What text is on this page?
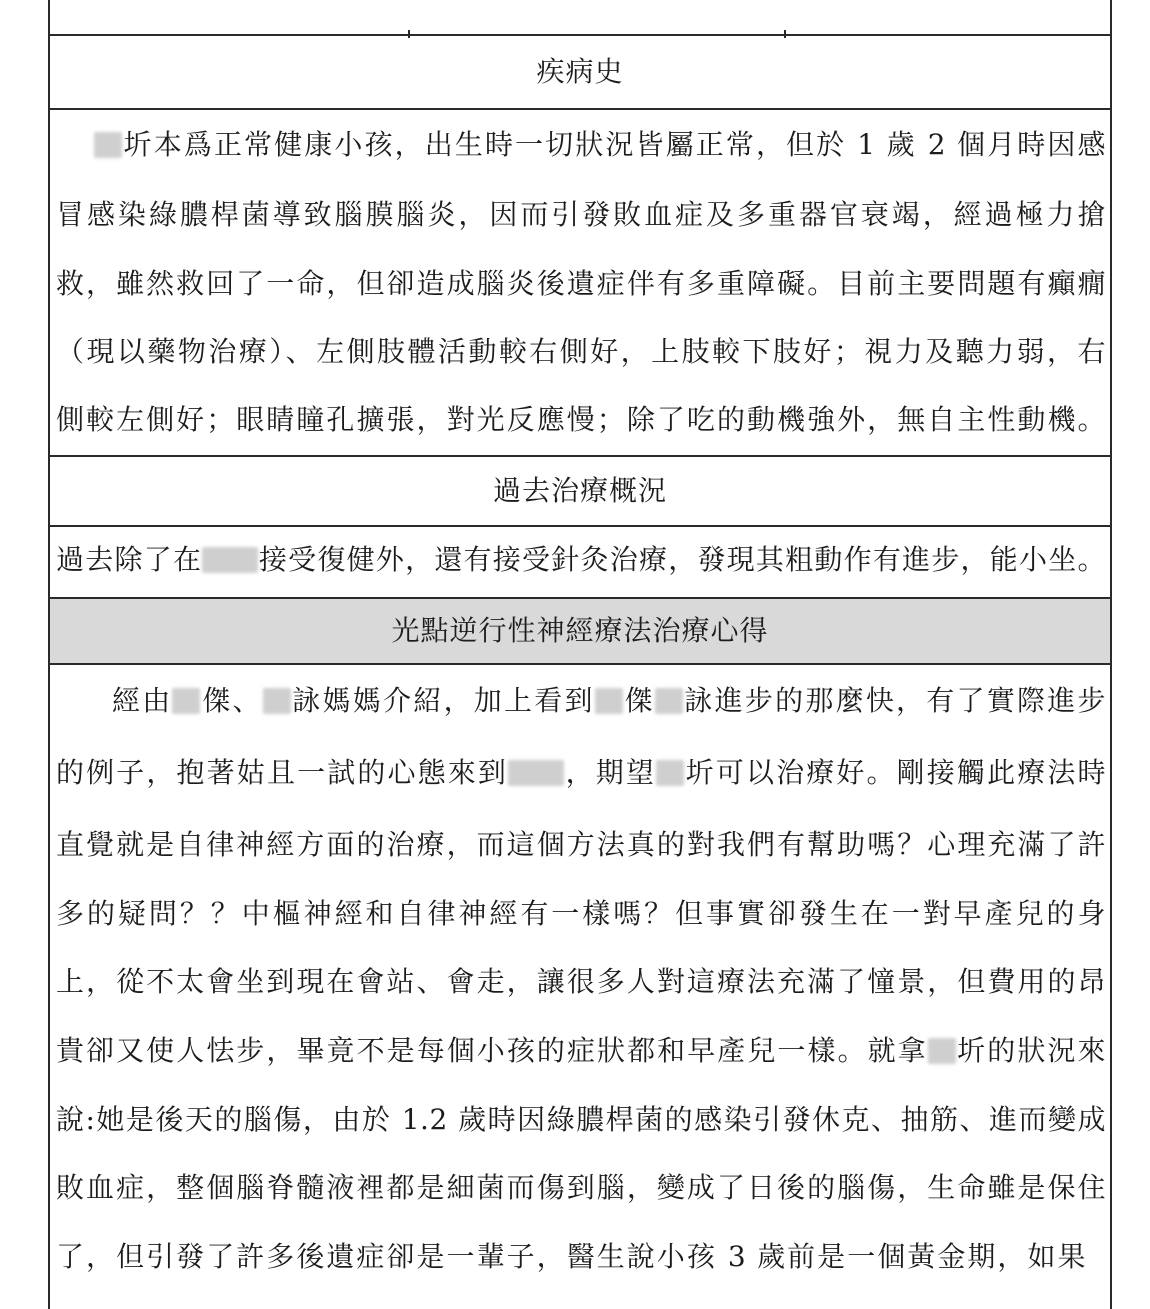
疾病史
圻本爲正常健康小孩，出生時一切狀況皆屬正常，但於 1 歲 2 個月時因感
冒感染綠膿桿菌導致腦膜腦炎，因而引發敗血症及多重器官衰竭，經過極力搶
救，雖然救回了一命，但卻造成腦炎後遺症伴有多重障礙。目前主要問題有癲癇
（現以藥物治療）、左側肢體活動較右側好，上肢較下肢好；視力及聽力弱，右
側較左側好；眼睛瞳孔擴張，對光反應慢；除了吃的動機強外，無自主性動機。
過去治療概況
過去除了在 接受復健外，還有接受針灸治療，發現其粗動作有進步，能小坐。
光點逆行性神經療法治療心得
經由 傑、 詠媽媽介紹，加上看到 傑 詠進步的那麼快，有了實際進步
的例子，抱著姑且一試的心態來到 ，期望 圻可以治療好。剛接觸此療法時
直覺就是自律神經方面的治療，而這個方法真的對我們有幫助嗎？心理充滿了許
多的疑問？？中樞神經和自律神經有一樣嗎？但事實卻發生在一對早產兒的身
上，從不太會坐到現在會站、會走，讓很多人對這療法充滿了憧景，但費用的昂
貴卻又使人怯步，畢竟不是每個小孩的症狀都和早產兒一樣。就拿 圻的狀況來
說:她是後天的腦傷，由於 1.2 歲時因綠膿桿菌的感染引發休克、抽筋、進而變成
敗血症，整個腦脊髓液裡都是細菌而傷到腦，變成了日後的腦傷，生命雖是保住
了，但引發了許多後遺症卻是一輩子，醫生說小孩 3 歲前是一個黃金期，如果
